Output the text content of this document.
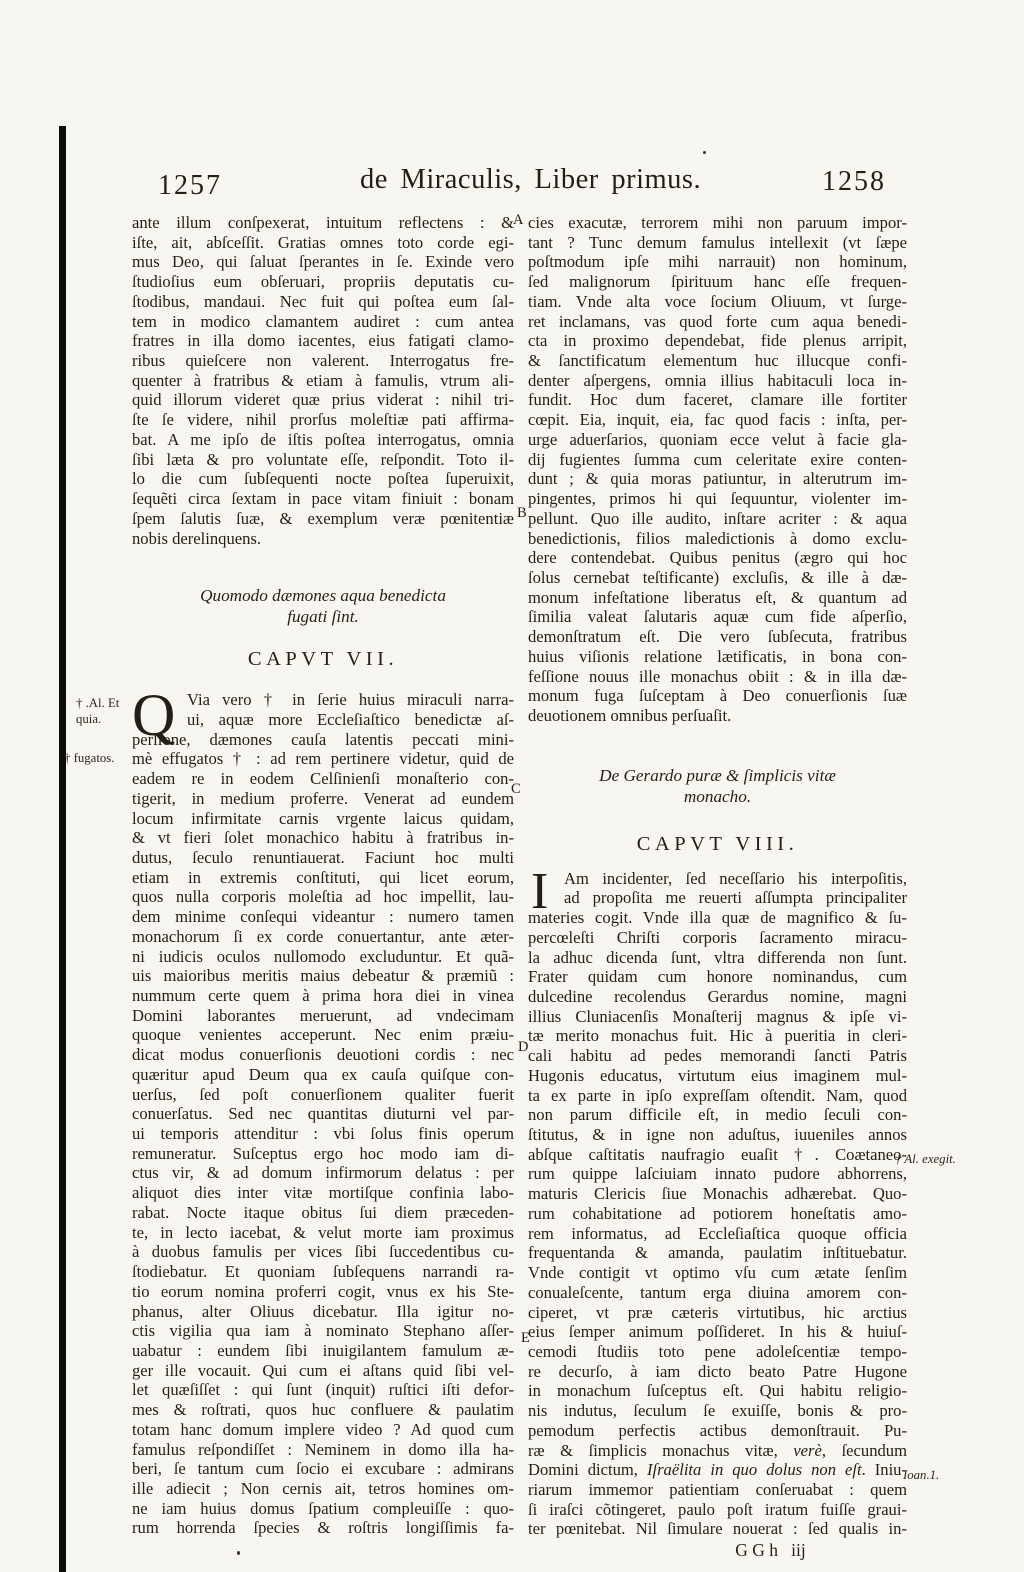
1257	de Miraculis, Liber primus.	1258
A
B
C
D
E
† .Al. Et
quia.
† fugatos.
† Al. exegit.
Ioan.1.
ante illum conſpexerat, intuitum reflectens : &
iſte, ait, abſceſſit. Gratias omnes toto corde egi-
mus Deo, qui ſaluat ſperantes in ſe. Exinde vero
ſtudioſius eum obſeruari, propriis deputatis cu-
ſtodibus, mandaui. Nec fuit qui poſtea eum ſal-
tem in modico clamantem audiret : cum antea
fratres in illa domo iacentes, eius fatigati clamo-
ribus quieſcere non valerent. Interrogatus fre-
quenter à fratribus & etiam à famulis, vtrum ali-
quid illorum videret quæ prius viderat : nihil tri-
ſte ſe videre, nihil prorſus moleſtiæ pati affirma-
bat. A me ipſo de iſtis poſtea interrogatus, omnia
ſibi læta & pro voluntate eſſe, reſpondit. Toto il-
lo die cum ſubſequenti nocte poſtea ſuperuixit,
ſequẽti circa ſextam in pace vitam finiuit : bonam
ſpem ſalutis ſuæ, & exemplum veræ pœnitentiæ
nobis derelinquens.
Quomodo dæmones aqua benedicta
fugati ſint.
CAPVT VII.
Q Via vero † in ſerie huius miraculi narra-
ui, aquæ more Eccleſiaſtico benedictæ aſ-
perſione, dæmones cauſa latentis peccati mini-
mè effugatos † : ad rem pertinere videtur, quid de
eadem re in eodem Celſinienſi monaſterio con-
tigerit, in medium proferre. Venerat ad eundem
locum infirmitate carnis vrgente laicus quidam,
& vt fieri ſolet monachico habitu à fratribus in-
dutus, ſeculo renuntiauerat. Faciunt hoc multi
etiam in extremis conſtituti, qui licet eorum,
quos nulla corporis moleſtia ad hoc impellit, lau-
dem minime conſequi videantur : numero tamen
monachorum ſi ex corde conuertantur, ante æter-
ni iudicis oculos nullomodo excluduntur. Et quã-
uis maioribus meritis maius debeatur & præmiũ :
nummum certe quem à prima hora diei in vinea
Domini laborantes meruerunt, ad vndecimam
quoque venientes acceperunt. Nec enim præiu-
dicat modus conuerſionis deuotioni cordis : nec
quæritur apud Deum qua ex cauſa quiſque con-
uerſus, ſed poſt conuerſionem qualiter fuerit
conuerſatus. Sed nec quantitas diuturni vel par-
ui temporis attenditur : vbi ſolus finis operum
remuneratur. Suſceptus ergo hoc modo iam di-
ctus vir, & ad domum infirmorum delatus : per
aliquot dies inter vitæ mortiſque confinia labo-
rabat. Nocte itaque obitus ſui diem præceden-
te, in lecto iacebat, & velut morte iam proximus
à duobus famulis per vices ſibi ſuccedentibus cu-
ſtodiebatur. Et quoniam ſubſequens narrandi ra-
tio eorum nomina proferri cogit, vnus ex his Ste-
phanus, alter Oliuus dicebatur. Illa igitur no-
ctis vigilia qua iam à nominato Stephano aſſer-
uabatur : eundem ſibi inuigilantem famulum æ-
ger ille vocauit. Qui cum ei aſtans quid ſibi vel-
let quæſiſſet : qui ſunt (inquit) ruſtici iſti defor-
mes & roſtrati, quos huc confluere & paulatim
totam hanc domum implere video ? Ad quod cum
famulus reſpondiſſet : Neminem in domo illa ha-
beri, ſe tantum cum ſocio ei excubare : admirans
ille adiecit ; Non cernis ait, tetros homines om-
ne iam huius domus ſpatium compleuiſſe : quo-
rum horrenda ſpecies & roſtris longiſſimis fa-
cies exacutæ, terrorem mihi non paruum impor-
tant ? Tunc demum famulus intellexit (vt ſæpe
poſtmodum ipſe mihi narrauit) non hominum,
ſed malignorum ſpirituum hanc eſſe frequen-
tiam. Vnde alta voce ſocium Oliuum, vt ſurge-
ret inclamans, vas quod forte cum aqua benedi-
cta in proximo dependebat, fide plenus arripit,
& ſanctificatum elementum huc illucque confi-
denter aſpergens, omnia illius habitaculi loca in-
fundit. Hoc dum faceret, clamare ille fortiter
cœpit. Eia, inquit, eia, fac quod facis : inſta, per-
urge aduerſarios, quoniam ecce velut à facie gla-
dij fugientes ſumma cum celeritate exire conten-
dunt ; & quia moras patiuntur, in alterutrum im-
pingentes, primos hi qui ſequuntur, violenter im-
pellunt. Quo ille audito, inſtare acriter : & aqua
benedictionis, filios maledictionis à domo exclu-
dere contendebat. Quibus penitus (ægro qui hoc
ſolus cernebat teſtificante) excluſis, & ille à dæ-
monum infeſtatione liberatus eſt, & quantum ad
ſimilia valeat ſalutaris aquæ cum fide aſperſio,
demonſtratum eſt. Die vero ſubſecuta, fratribus
huius viſionis relatione lætificatis, in bona con-
feſſione nouus ille monachus obiit : & in illa dæ-
monum fuga ſuſceptam à Deo conuerſionis ſuæ
deuotionem omnibus perſuaſit.
De Gerardo puræ & ſimplicis vitæ
monacho.
CAPVT VIII.
I Am incidenter, ſed neceſſario his interpoſitis,
ad propoſita me reuerti aſſumpta principaliter
materies cogit. Vnde illa quæ de magnifico & ſu-
percœleſti Chriſti corporis ſacramento miracu-
la adhuc dicenda ſunt, vltra differenda non ſunt.
Frater quidam cum honore nominandus, cum
dulcedine recolendus Gerardus nomine, magni
illius Cluniacenſis Monaſterij magnus & ipſe vi-
tæ merito monachus fuit. Hic à pueritia in cleri-
cali habitu ad pedes memorandi ſancti Patris
Hugonis educatus, virtutum eius imaginem mul-
ta ex parte in ipſo expreſſam oſtendit. Nam, quod
non parum difficile eſt, in medio ſeculi con-
ſtitutus, & in igne non aduſtus, iuueniles annos
abſque caſtitatis naufragio euaſit †. Coætaneo-
rum quippe laſciuiam innato pudore abhorrens,
maturis Clericis ſiue Monachis adhærebat. Quo-
rum cohabitatione ad potiorem honeſtatis amo-
rem informatus, ad Eccleſiaſtica quoque officia
frequentanda & amanda, paulatim inſtituebatur.
Vnde contigit vt optimo vſu cum ætate ſenſim
conualeſcente, tantum erga diuina amorem con-
ciperet, vt præ cæteris virtutibus, hic arctius
eius ſemper animum poſſideret. In his & huiuſ-
cemodi ſtudiis toto pene adoleſcentiæ tempo-
re decurſo, à iam dicto beato Patre Hugone
in monachum ſuſceptus eſt. Qui habitu religio-
nis indutus, ſeculum ſe exuiſſe, bonis & pro-
pemodum perfectis actibus demonſtrauit. Pu-
ræ & ſimplicis monachus vitæ, verè, ſecundum
Domini dictum, Iſraëlita in quo dolus non eſt. Iniu-
riarum immemor patientiam conſeruabat : quem
ſi iraſci cõtingeret, paulo poſt iratum fuiſſe graui-
ter pœnitebat. Nil ſimulare nouerat : ſed qualis in-
G G h   iij
